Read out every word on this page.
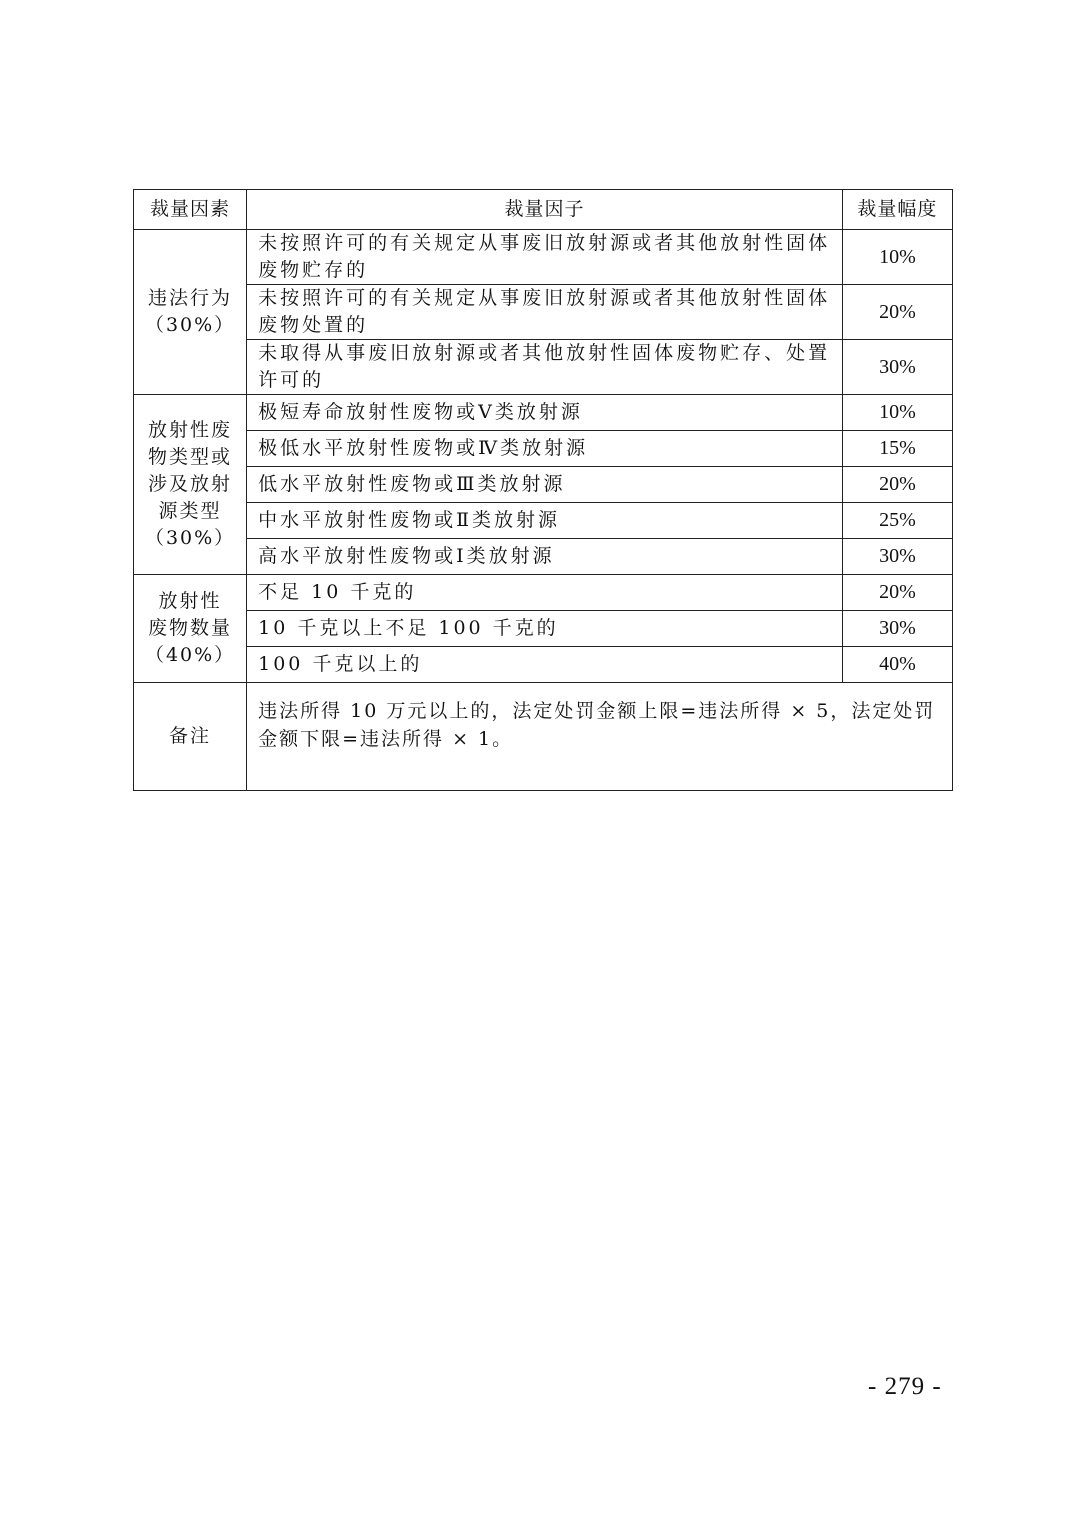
裁量因素	裁量因子	裁量幅度

违法行为
（30%）	未按照许可的有关规定从事废旧放射源或者其他放射性固体废物贮存的	10%
	未按照许可的有关规定从事废旧放射源或者其他放射性固体废物处置的	20%
	未取得从事废旧放射源或者其他放射性固体废物贮存、处置许可的	30%

放射性废
物类型或
涉及放射
源类型
（30%）	极短寿命放射性废物或Ⅴ类放射源	10%
	极低水平放射性废物或Ⅳ类放射源	15%
	低水平放射性废物或Ⅲ类放射源	20%
	中水平放射性废物或Ⅱ类放射源	25%
	高水平放射性废物或Ⅰ类放射源	30%

放射性
废物数量
（40%）	不足 10 千克的	20%
	10 千克以上不足 100 千克的	30%
	100 千克以上的	40%
备注	违法所得 10 万元以上的，法定处罚金额上限=违法所得 × 5，法定处罚金额下限=违法所得 × 1。	
- 279 -
